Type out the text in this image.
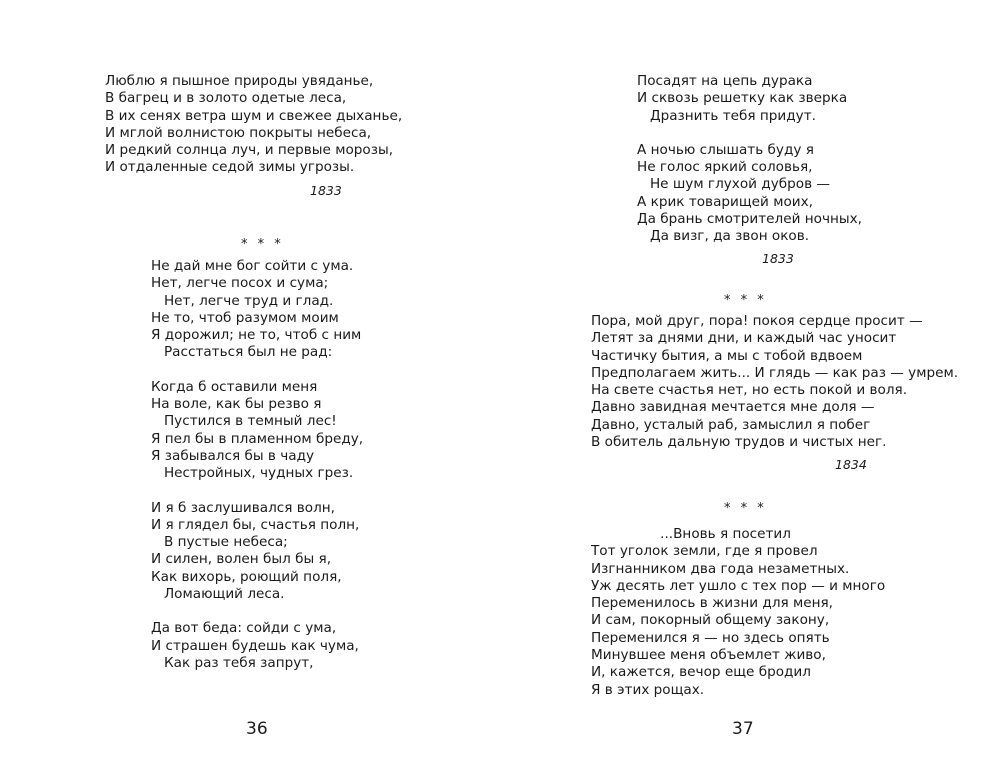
Люблю я пышное природы увяданье,
В багрец и в золото одетые леса,
В их сенях ветра шум и свежее дыханье,
И мглой волнистою покрыты небеса,
И редкий солнца луч, и первые морозы,
И отдаленные седой зимы угрозы.
1833
* * *
Не дай мне бог сойти с ума.
Нет, легче посох и сума;
Нет, легче труд и глад.
Не то, чтоб разумом моим
Я дорожил; не то, чтоб с ним
Расстаться был не рад:
Когда б оставили меня
На воле, как бы резво я
Пустился в темный лес!
Я пел бы в пламенном бреду,
Я забывался бы в чаду
Нестройных, чудных грез.
И я б заслушивался волн,
И я глядел бы, счастья полн,
В пустые небеса;
И силен, волен был бы я,
Как вихорь, роющий поля,
Ломающий леса.
Да вот беда: сойди с ума,
И страшен будешь как чума,
Как раз тебя запрут,
36
Посадят на цепь дурака
И сквозь решетку как зверка
Дразнить тебя придут.
А ночью слышать буду я
Не голос яркий соловья,
Не шум глухой дубров —
А крик товарищей моих,
Да брань смотрителей ночных,
Да визг, да звон оков.
1833
* * *
Пора, мой друг, пора! покоя сердце просит —
Летят за днями дни, и каждый час уносит
Частичку бытия, а мы с тобой вдвоем
Предполагаем жить... И глядь — как раз — умрем.
На свете счастья нет, но есть покой и воля.
Давно завидная мечтается мне доля —
Давно, усталый раб, замыслил я побег
В обитель дальную трудов и чистых нег.
1834
* * *
...Вновь я посетил
Тот уголок земли, где я провел
Изгнанником два года незаметных.
Уж десять лет ушло с тех пор — и много
Переменилось в жизни для меня,
И сам, покорный общему закону,
Переменился я — но здесь опять
Минувшее меня объемлет живо,
И, кажется, вечор еще бродил
Я в этих рощах.
37
